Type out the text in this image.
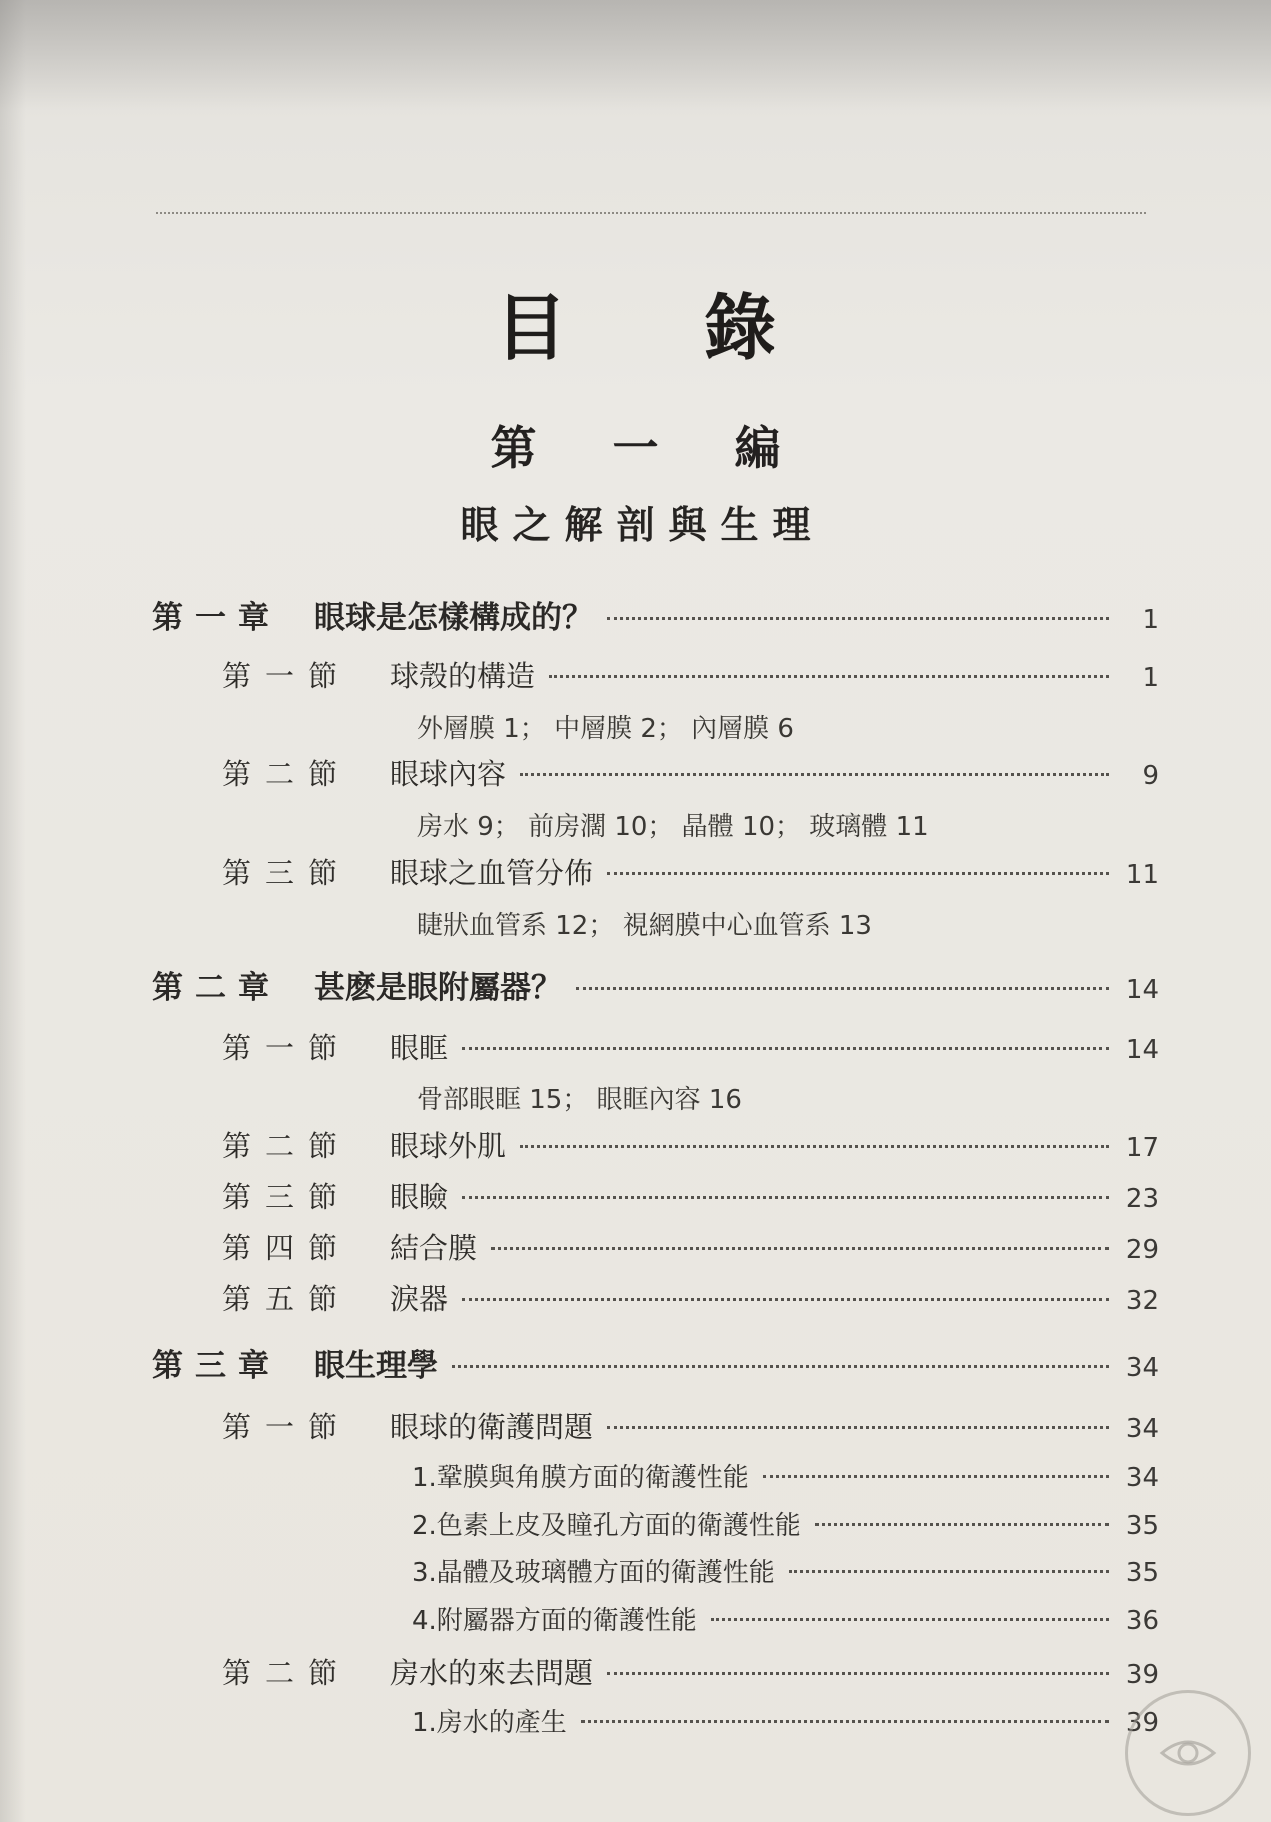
目 錄
第 一 編
眼之解剖與生理
第一章	眼球是怎樣構成的？	1
第一節	球殼的構造	1
外層膜 1； 中層膜 2； 內層膜 6
第二節	眼球內容	9
房水 9； 前房濶 10； 晶體 10； 玻璃體 11
第三節	眼球之血管分佈	11
睫狀血管系 12； 視網膜中心血管系 13
第二章	甚麽是眼附屬器？	14
第一節	眼眶	14
骨部眼眶 15； 眼眶內容 16
第二節	眼球外肌	17
第三節	眼瞼	23
第四節	結合膜	29
第五節	淚器	32
第三章	眼生理學	34
第一節	眼球的衛護問題	34
1.鞏膜與角膜方面的衛護性能	34
2.色素上皮及瞳孔方面的衛護性能	35
3.晶體及玻璃體方面的衛護性能	35
4.附屬器方面的衛護性能	36
第二節	房水的來去問題	39
1.房水的產生	39
